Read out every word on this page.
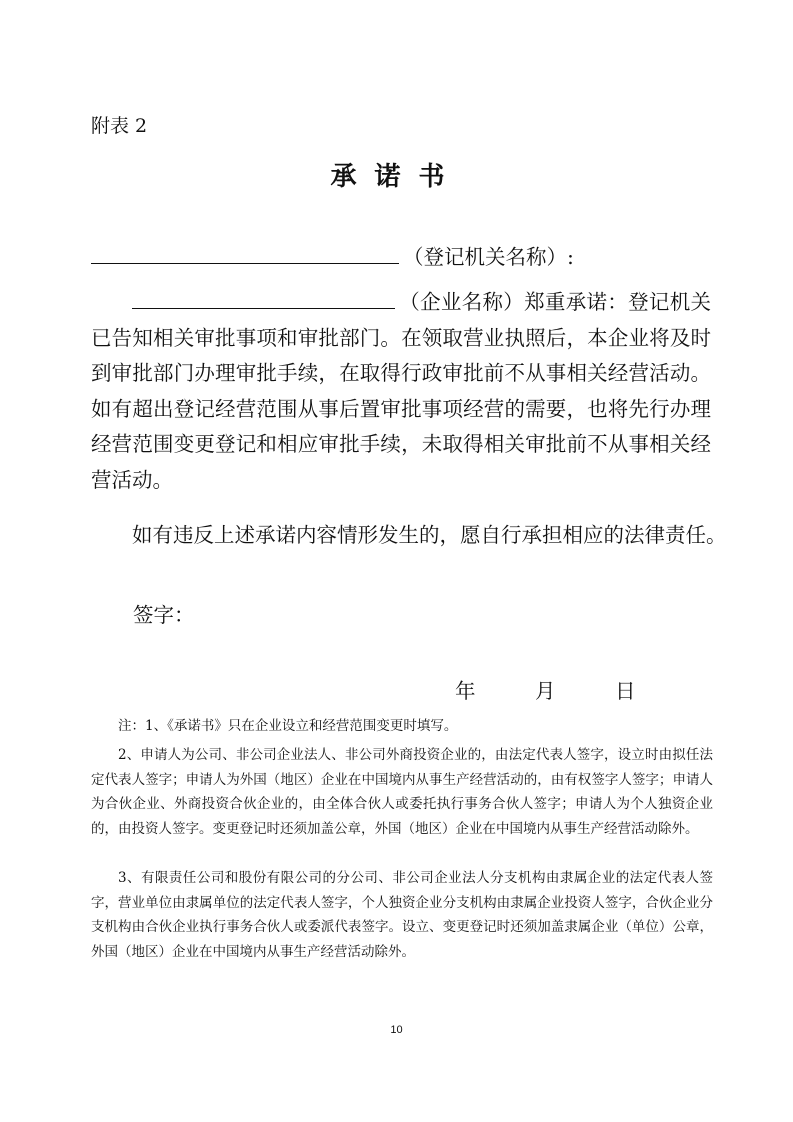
附表 2
承诺书
（登记机关名称）:
（企业名称）郑重承诺：登记机关已告知相关审批事项和审批部门。在领取营业执照后，本企业将及时到审批部门办理审批手续，在取得行政审批前不从事相关经营活动。如有超出登记经营范围从事后置审批事项经营的需要，也将先行办理经营范围变更登记和相应审批手续，未取得相关审批前不从事相关经营活动。
如有违反上述承诺内容情形发生的，愿自行承担相应的法律责任。
签字：
年	月	日
注：1、《承诺书》只在企业设立和经营范围变更时填写。
2、申请人为公司、非公司企业法人、非公司外商投资企业的，由法定代表人签字，设立时由拟任法定代表人签字；申请人为外国（地区）企业在中国境内从事生产经营活动的，由有权签字人签字；申请人为合伙企业、外商投资合伙企业的，由全体合伙人或委托执行事务合伙人签字；申请人为个人独资企业的，由投资人签字。变更登记时还须加盖公章，外国（地区）企业在中国境内从事生产经营活动除外。
3、有限责任公司和股份有限公司的分公司、非公司企业法人分支机构由隶属企业的法定代表人签字，营业单位由隶属单位的法定代表人签字，个人独资企业分支机构由隶属企业投资人签字，合伙企业分支机构由合伙企业执行事务合伙人或委派代表签字。设立、变更登记时还须加盖隶属企业（单位）公章，外国（地区）企业在中国境内从事生产经营活动除外。
10
